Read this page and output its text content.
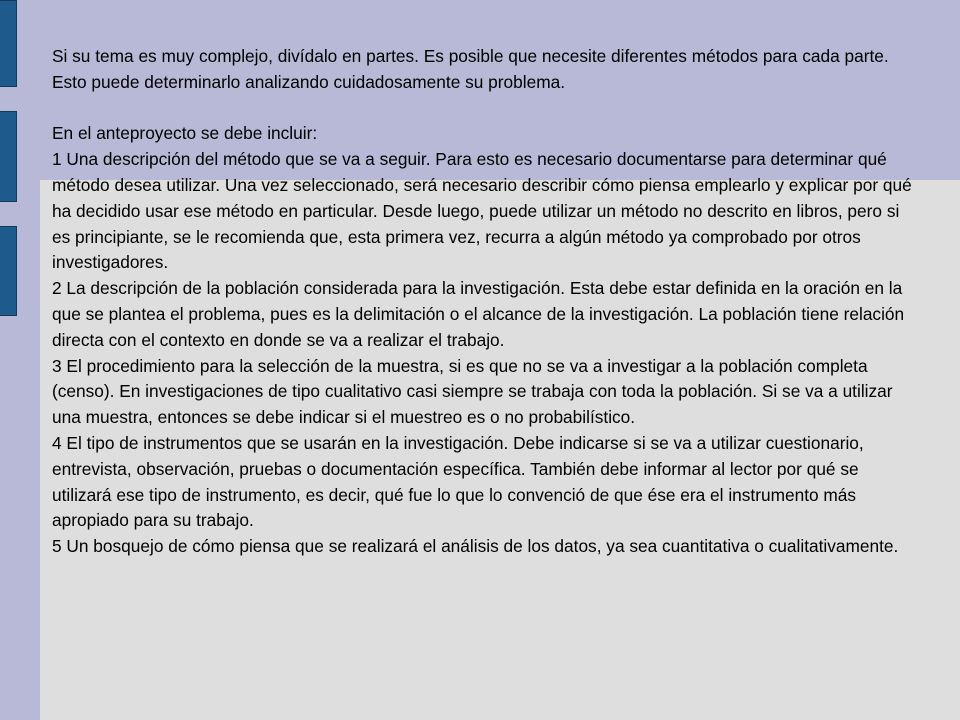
Si su tema es muy complejo, divídalo en partes. Es posible que necesite diferentes métodos para cada parte. Esto puede determinarlo analizando cuidadosamente su problema.

En el anteproyecto se debe incluir:

1 Una descripción del método que se va a seguir. Para esto es necesario documentarse para determinar qué método desea utilizar. Una vez seleccionado, será necesario describir cómo piensa emplearlo y explicar por qué ha decidido usar ese método en particular. Desde luego, puede utilizar un método no descrito en libros, pero si es principiante, se le recomienda que, esta primera vez, recurra a algún método ya comprobado por otros investigadores.

2 La descripción de la población considerada para la investigación. Esta debe estar definida en la oración en la que se plantea el problema, pues es la delimitación o el alcance de la investigación. La población tiene relación directa con el contexto en donde se va a realizar el trabajo.

3 El procedimiento para la selección de la muestra, si es que no se va a investigar a la población completa (censo). En investigaciones de tipo cualitativo casi siempre se trabaja con toda la población. Si se va a utilizar una muestra, entonces se debe indicar si el muestreo es o no probabilístico.

4 El tipo de instrumentos que se usarán en la investigación. Debe indicarse si se va a utilizar cuestionario, entrevista, observación, pruebas o documentación específica. También debe informar al lector por qué se utilizará ese tipo de instrumento, es decir, qué fue lo que lo convenció de que ése era el instrumento más apropiado para su trabajo.

5 Un bosquejo de cómo piensa que se realizará el análisis de los datos, ya sea cuantitativa o cualitativamente.
